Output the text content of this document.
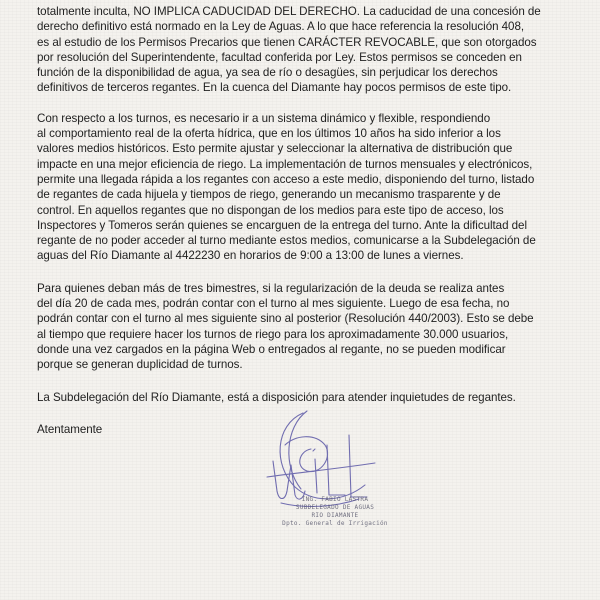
totalmente inculta, NO IMPLICA CADUCIDAD DEL DERECHO. La caducidad de una concesión de
derecho definitivo está normado en la Ley de Aguas. A lo que hace referencia la resolución 408,
es al estudio de los Permisos Precarios que tienen CARÁCTER REVOCABLE, que son otorgados
por resolución del Superintendente, facultad conferida por Ley. Estos permisos se conceden en
función de la disponibilidad de agua, ya sea de río o desagües, sin perjudicar los derechos
definitivos de terceros regantes. En la cuenca del Diamante hay pocos permisos de este tipo.

Con respecto a los turnos, es necesario ir a un sistema dinámico y flexible, respondiendo
al comportamiento real de la oferta hídrica, que en los últimos 10 años ha sido inferior a los
valores medios históricos. Esto permite ajustar y seleccionar la alternativa de distribución que
impacte en una mejor eficiencia de riego. La implementación de turnos mensuales y electrónicos,
permite una llegada rápida a los regantes con acceso a este medio, disponiendo del turno, listado
de regantes de cada hijuela y tiempos de riego, generando un mecanismo trasparente y de
control. En aquellos regantes que no dispongan de los medios para este tipo de acceso, los
Inspectores y Tomeros serán quienes se encarguen de la entrega del turno. Ante la dificultad del
regante de no poder acceder al turno mediante estos medios, comunicarse a la Subdelegación de
aguas del Río Diamante al 4422230 en horarios de 9:00 a 13:00 de lunes a viernes.

Para quienes deban más de tres bimestres, si la regularización de la deuda se realiza antes
del día 20 de cada mes, podrán contar con el turno al mes siguiente. Luego de esa fecha, no
podrán contar con el turno al mes siguiente sino al posterior (Resolución 440/2003). Esto se debe
al tiempo que requiere hacer los turnos de riego para los aproximadamente 30.000 usuarios,
donde una vez cargados en la página Web o entregados al regante, no se pueden modificar
porque se generan duplicidad de turnos.

La Subdelegación del Río Diamante, está a disposición para atender inquietudes de regantes.

Atentamente

ING. FABIO LASTRA
SUBDELEGADO DE AGUAS
RIO DIAMANTE
Dpto. General de Irrigación
